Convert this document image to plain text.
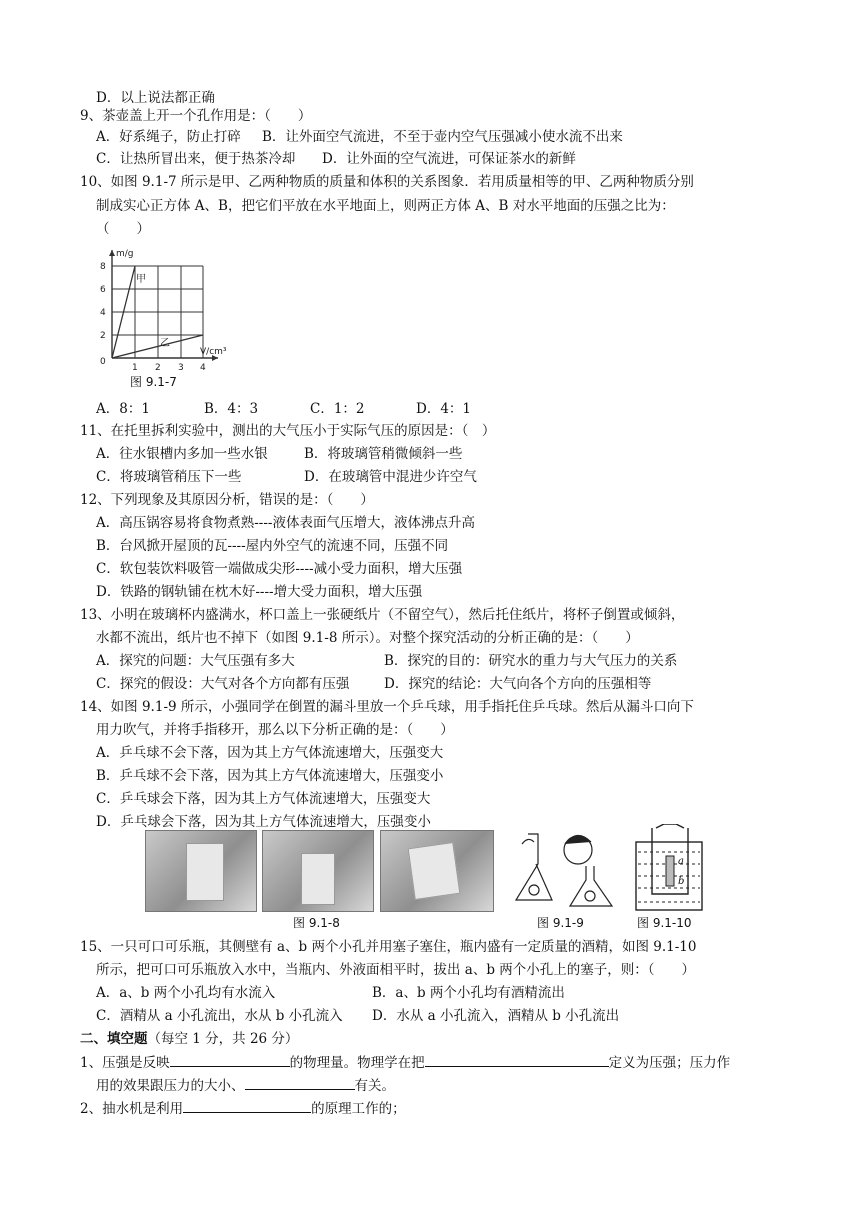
D．以上说法都正确
9、茶壶盖上开一个孔作用是：（　　）
A．好系绳子，防止打碎 B．让外面空气流进，不至于壶内空气压强减小使水流不出来
C．让热所冒出来，便于热茶冷却 D．让外面的空气流进，可保证茶水的新鲜
10、如图 9.1-7 所示是甲、乙两种物质的质量和体积的关系图象．若用质量相等的甲、乙两种物质分别
制成实心正方体 A、B，把它们平放在水平地面上，则两正方体 A、B 对水平地面的压强之比为：
（　　）
m/g
V/cm³
8
6
4
2
0
1 2 3 4
甲
乙
图 9.1-7
A．8：1	B．4：3	C．1：2	D．4：1
11、在托里拆利实验中，测出的大气压小于实际气压的原因是：（　）
A．往水银槽内多加一些水银	B．将玻璃管稍微倾斜一些
C．将玻璃管稍压下一些	D．在玻璃管中混进少许空气
12、下列现象及其原因分析，错误的是：（　　）
A．高压锅容易将食物煮熟----液体表面气压增大，液体沸点升高
B．台风掀开屋顶的瓦----屋内外空气的流速不同，压强不同
C．软包装饮料吸管一端做成尖形----减小受力面积，增大压强
D．铁路的钢轨铺在枕木好----增大受力面积，增大压强
13、小明在玻璃杯内盛满水，杯口盖上一张硬纸片（不留空气），然后托住纸片，将杯子倒置或倾斜，
水都不流出，纸片也不掉下（如图 9.1-8 所示）。对整个探究活动的分析正确的是：（　　）
A．探究的问题：大气压强有多大	B．探究的目的：研究水的重力与大气压力的关系
C．探究的假设：大气对各个方向都有压强	D．探究的结论：大气向各个方向的压强相等
14、如图 9.1-9 所示，小强同学在倒置的漏斗里放一个乒乓球，用手指托住乒乓球。然后从漏斗口向下
用力吹气，并将手指移开，那么以下分析正确的是：（　　）
A．乒乓球不会下落，因为其上方气体流速增大，压强变大
B．乒乓球不会下落，因为其上方气体流速增大，压强变小
C．乒乓球会下落，因为其上方气体流速增大，压强变大
D．乒乓球会下落，因为其上方气体流速增大，压强变小
图 9.1-8	图 9.1-9
a
b
图 9.1-10
15、一只可口可乐瓶，其侧壁有 a、b 两个小孔并用塞子塞住，瓶内盛有一定质量的酒精，如图 9.1-10
所示，把可口可乐瓶放入水中，当瓶内、外液面相平时，拔出 a、b 两个小孔上的塞子，则：（　　）
A．a、b 两个小孔均有水流入	B．a、b 两个小孔均有酒精流出
C．酒精从 a 小孔流出，水从 b 小孔流入 D．水从 a 小孔流入，酒精从 b 小孔流出
二、填空题（每空 1 分，共 26 分）
1、压强是反映	的物理量。物理学在把	定义为压强；压力作
用的效果跟压力的大小、	有关。
2、抽水机是利用	的原理工作的；
